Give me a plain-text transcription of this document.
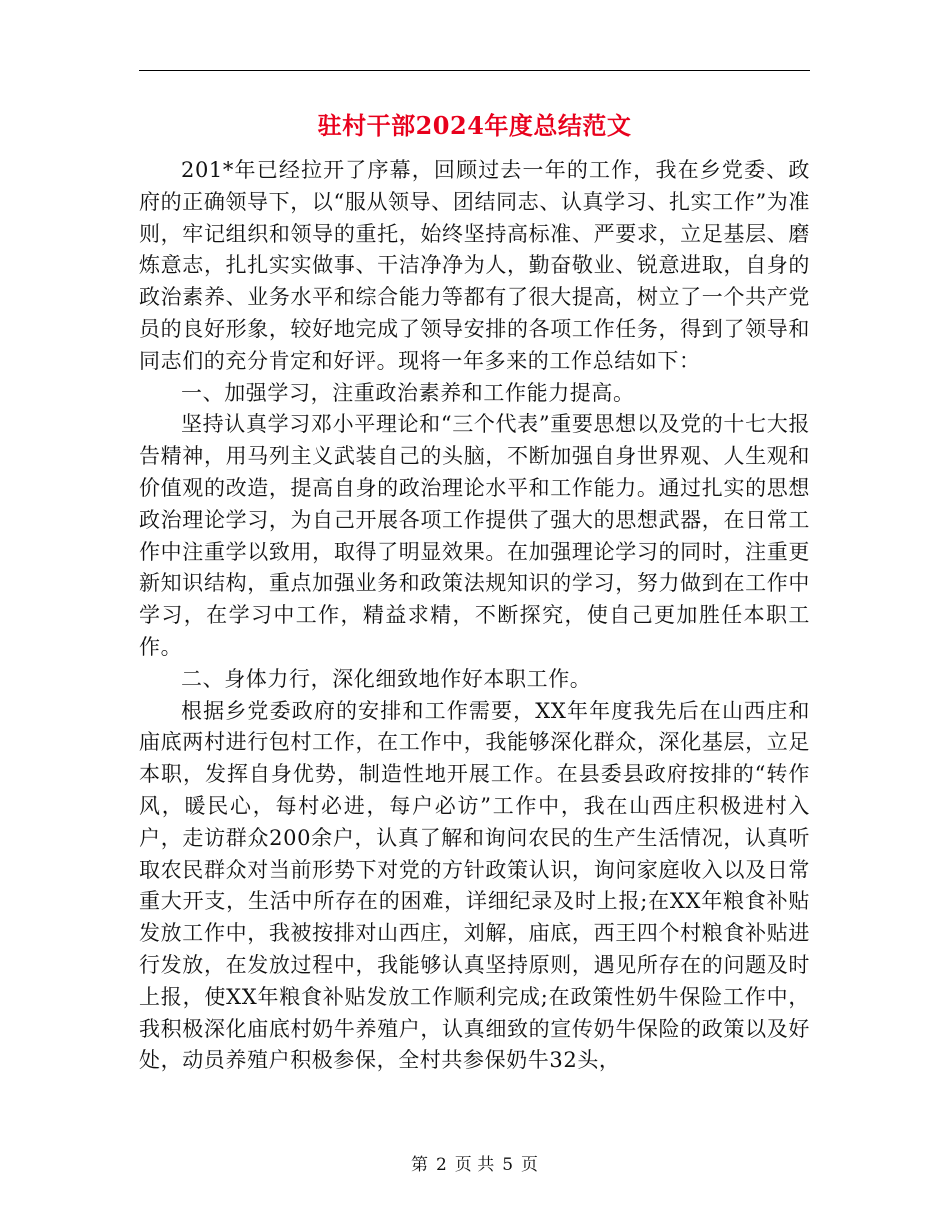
驻村干部2024年度总结范文

201*年已经拉开了序幕，回顾过去一年的工作，我在乡党委、政府的正确领导下，以“服从领导、团结同志、认真学习、扎实工作”为准则，牢记组织和领导的重托，始终坚持高标准、严要求，立足基层、磨炼意志，扎扎实实做事、干洁净净为人，勤奋敬业、锐意进取，自身的政治素养、业务水平和综合能力等都有了很大提高，树立了一个共产党员的良好形象，较好地完成了领导安排的各项工作任务，得到了领导和同志们的充分肯定和好评。现将一年多来的工作总结如下：

一、加强学习，注重政治素养和工作能力提高。

坚持认真学习邓小平理论和“三个代表”重要思想以及党的十七大报告精神，用马列主义武装自己的头脑，不断加强自身世界观、人生观和价值观的改造，提高自身的政治理论水平和工作能力。通过扎实的思想政治理论学习，为自己开展各项工作提供了强大的思想武器，在日常工作中注重学以致用，取得了明显效果。在加强理论学习的同时，注重更新知识结构，重点加强业务和政策法规知识的学习，努力做到在工作中学习，在学习中工作，精益求精，不断探究，使自己更加胜任本职工作。

二、身体力行，深化细致地作好本职工作。

根据乡党委政府的安排和工作需要，XX年年度我先后在山西庄和庙底两村进行包村工作，在工作中，我能够深化群众，深化基层，立足本职，发挥自身优势，制造性地开展工作。在县委县政府按排的“转作风，暖民心，每村必进，每户必访”工作中，我在山西庄积极进村入户，走访群众200余户，认真了解和询问农民的生产生活情况，认真听取农民群众对当前形势下对党的方针政策认识，询问家庭收入以及日常重大开支，生活中所存在的困难，详细纪录及时上报;在XX年粮食补贴发放工作中，我被按排对山西庄，刘解，庙底，西王四个村粮食补贴进行发放，在发放过程中，我能够认真坚持原则，遇见所存在的问题及时上报，使XX年粮食补贴发放工作顺利完成;在政策性奶牛保险工作中，我积极深化庙底村奶牛养殖户，认真细致的宣传奶牛保险的政策以及好处，动员养殖户积极参保，全村共参保奶牛32头，

第 2 页 共 5 页
